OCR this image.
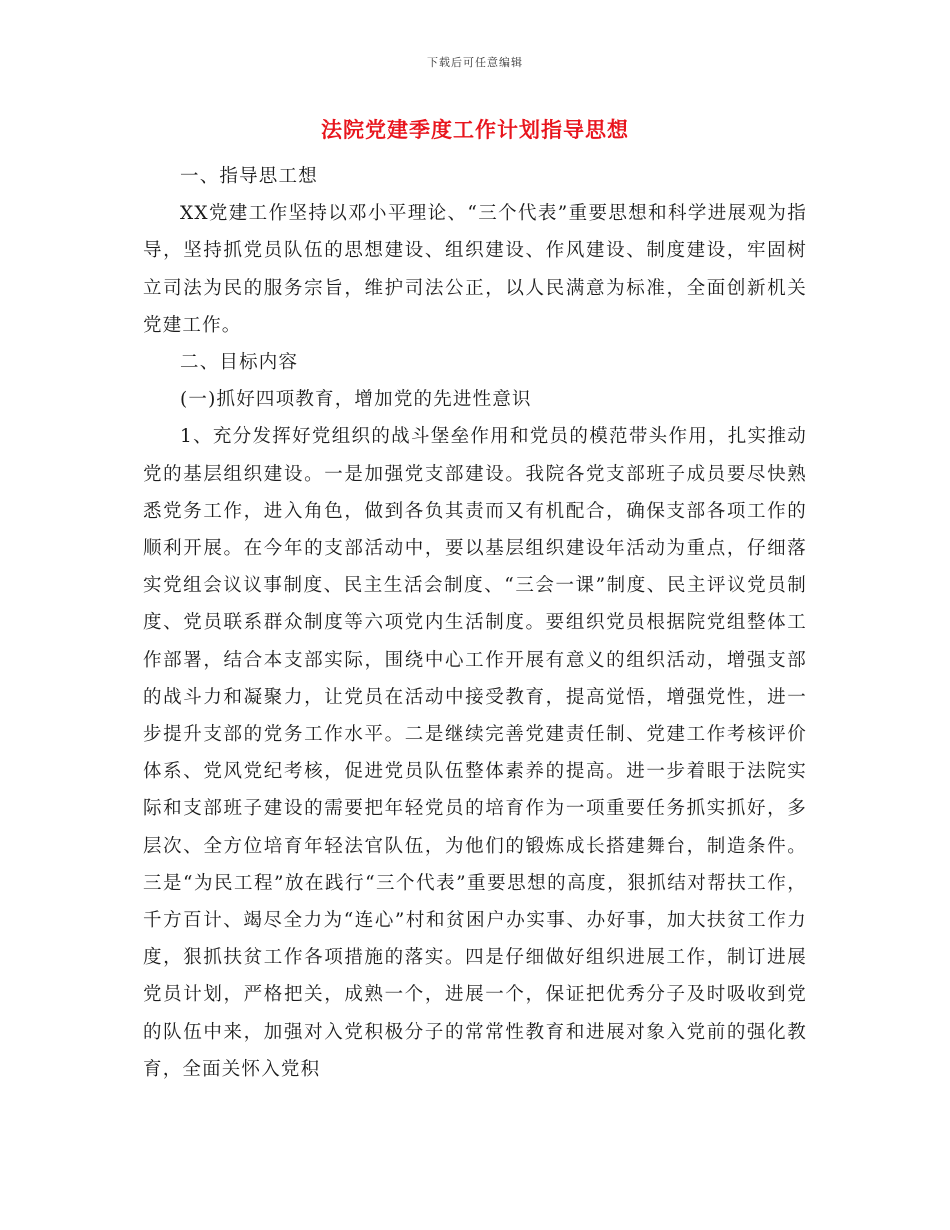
下载后可任意编辑
法院党建季度工作计划指导思想

一、指导思工想

XX党建工作坚持以邓小平理论、“三个代表”重要思想和科学进展观为指导，坚持抓党员队伍的思想建设、组织建设、作风建设、制度建设，牢固树立司法为民的服务宗旨，维护司法公正，以人民满意为标准，全面创新机关党建工作。

二、目标内容

(一)抓好四项教育，增加党的先进性意识

1、充分发挥好党组织的战斗堡垒作用和党员的模范带头作用，扎实推动党的基层组织建设。一是加强党支部建设。我院各党支部班子成员要尽快熟悉党务工作，进入角色，做到各负其责而又有机配合，确保支部各项工作的顺利开展。在今年的支部活动中，要以基层组织建设年活动为重点，仔细落实党组会议议事制度、民主生活会制度、“三会一课”制度、民主评议党员制度、党员联系群众制度等六项党内生活制度。要组织党员根据院党组整体工作部署，结合本支部实际，围绕中心工作开展有意义的组织活动，增强支部的战斗力和凝聚力，让党员在活动中接受教育，提高觉悟，增强党性，进一步提升支部的党务工作水平。二是继续完善党建责任制、党建工作考核评价体系、党风党纪考核，促进党员队伍整体素养的提高。进一步着眼于法院实际和支部班子建设的需要把年轻党员的培育作为一项重要任务抓实抓好，多层次、全方位培育年轻法官队伍，为他们的锻炼成长搭建舞台，制造条件。三是“为民工程”放在践行“三个代表”重要思想的高度，狠抓结对帮扶工作，千方百计、竭尽全力为“连心”村和贫困户办实事、办好事，加大扶贫工作力度，狠抓扶贫工作各项措施的落实。四是仔细做好组织进展工作，制订进展党员计划，严格把关，成熟一个，进展一个，保证把优秀分子及时吸收到党的队伍中来，加强对入党积极分子的常常性教育和进展对象入党前的强化教育，全面关怀入党积
